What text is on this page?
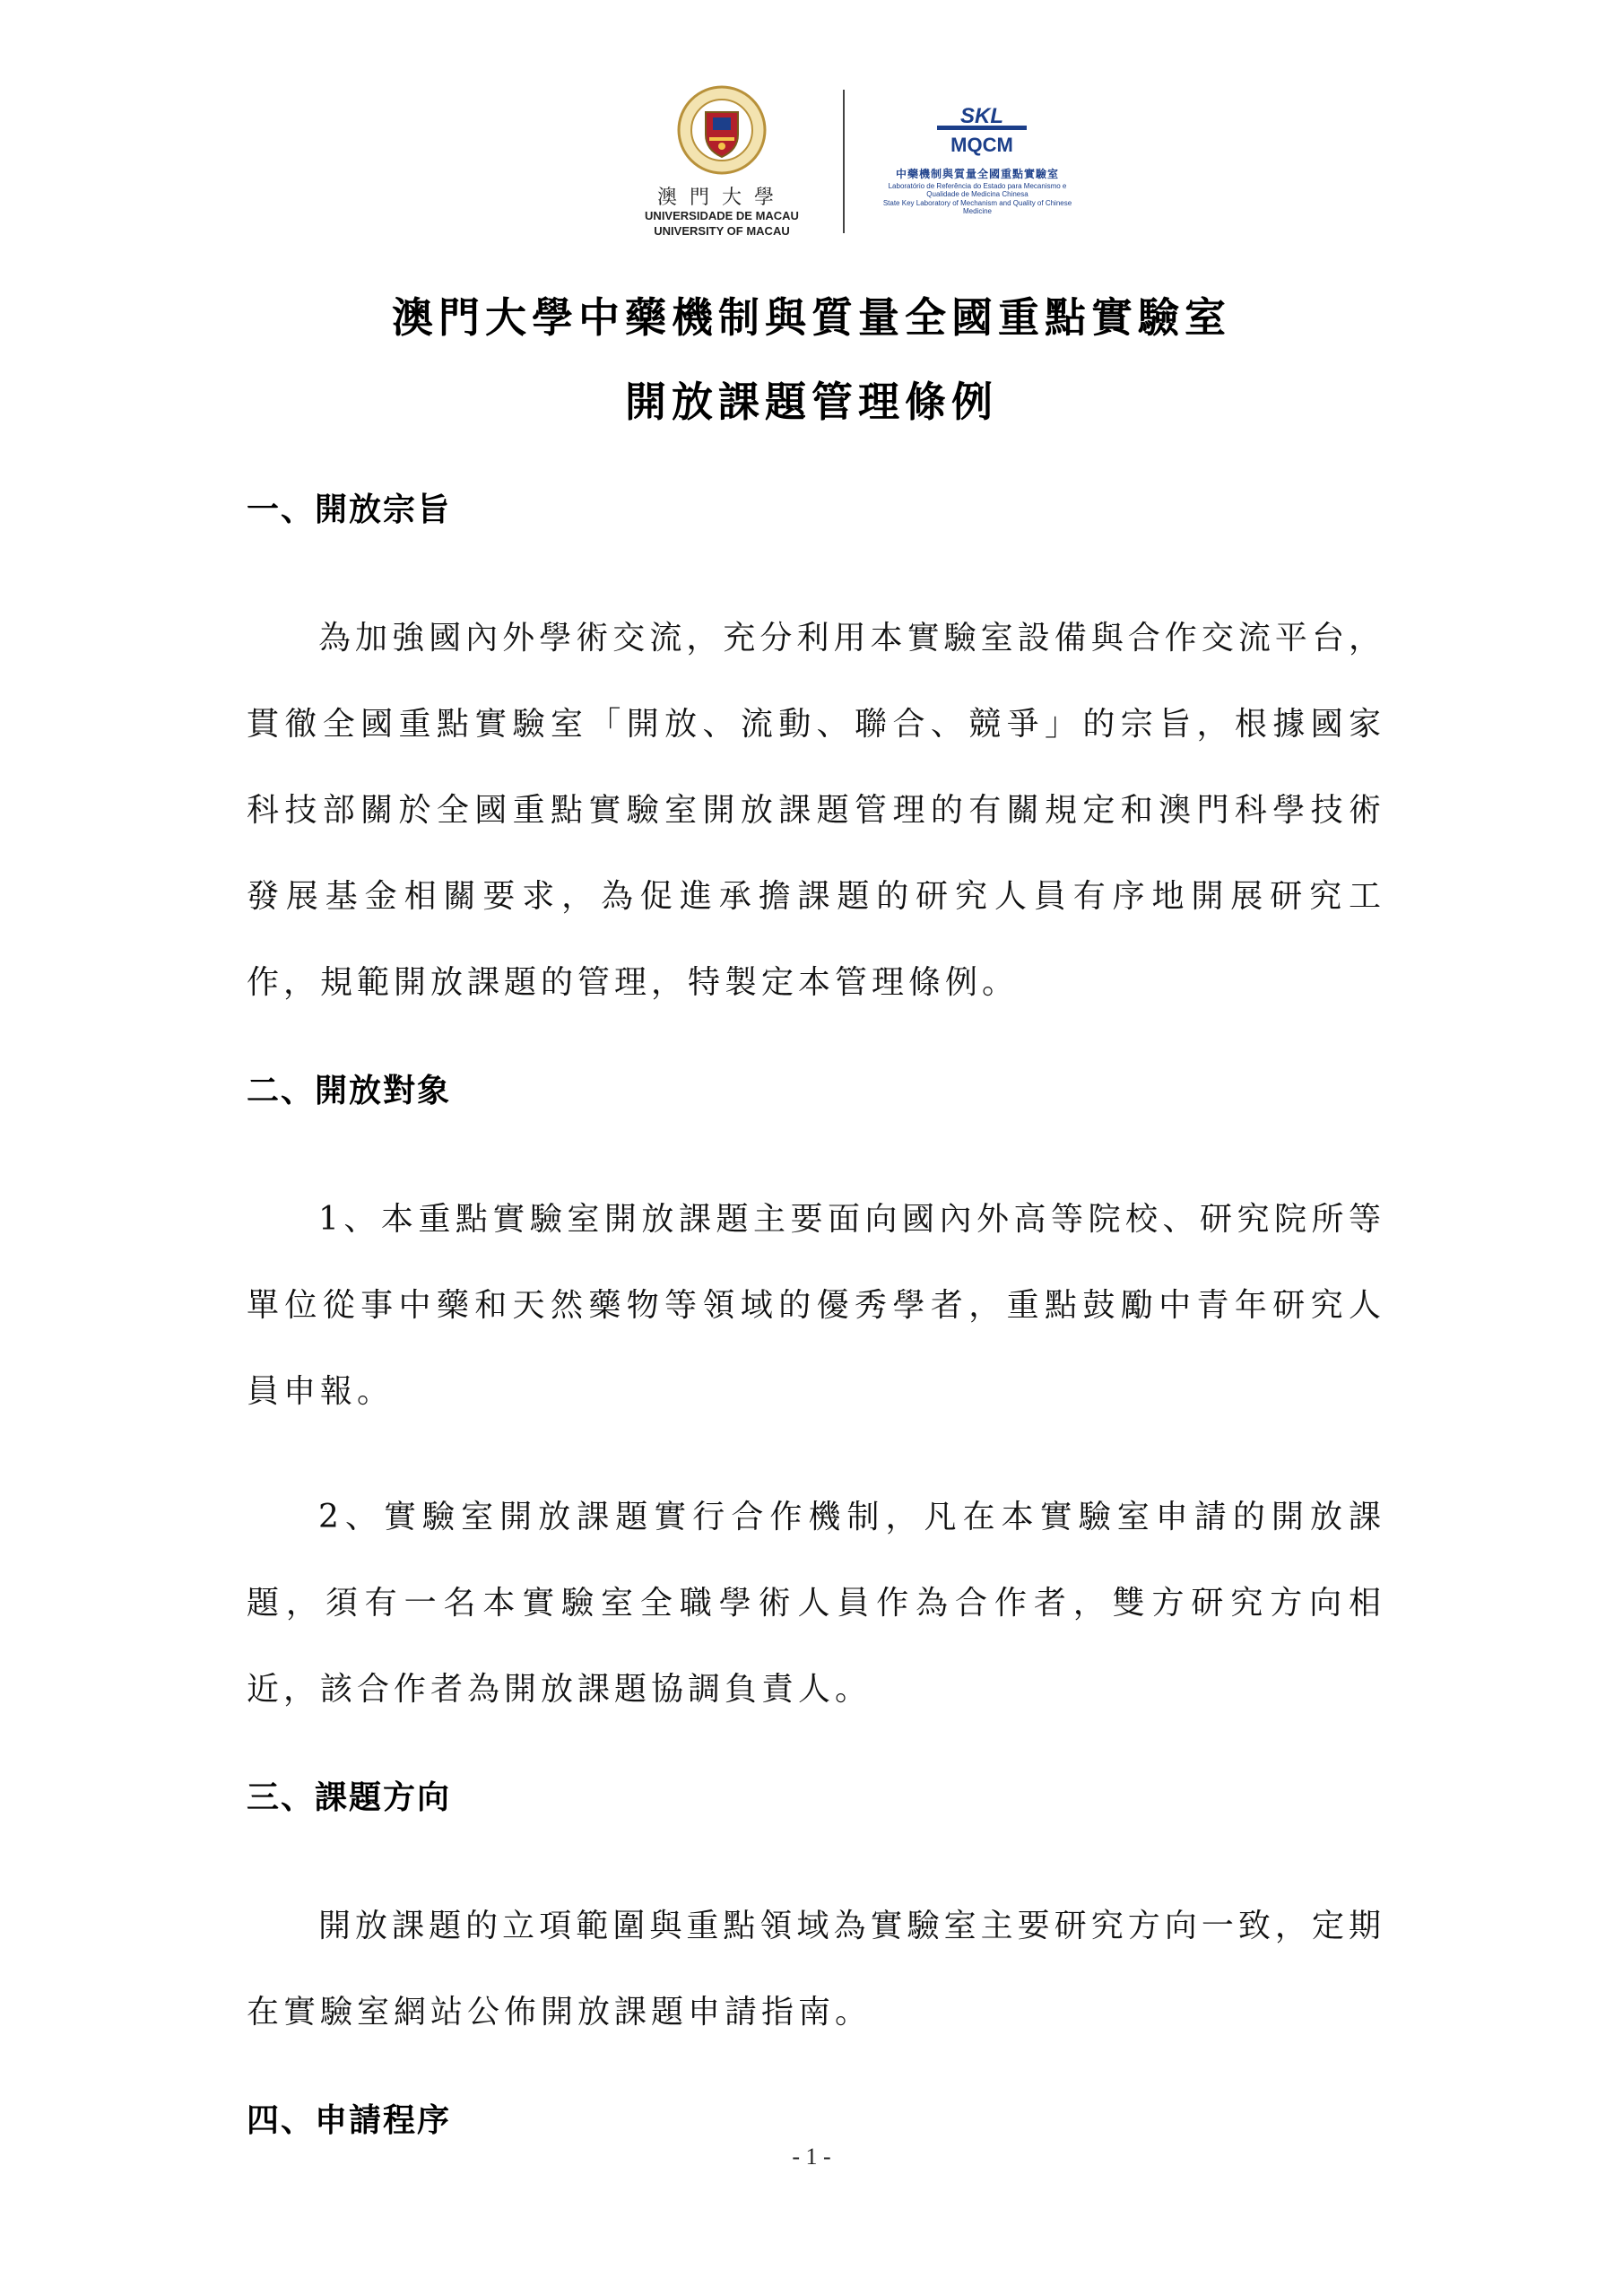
澳門大學
UNIVERSIDADE DE MACAU
UNIVERSITY OF MACAU
SKL
MQCM
中藥機制與質量全國重點實驗室
Laboratório de Referência do Estado para Mecanismo e Qualidade de Medicina Chinesa
State Key Laboratory of Mechanism and Quality of Chinese Medicine
澳門大學中藥機制與質量全國重點實驗室
開放課題管理條例
一、開放宗旨
為加強國內外學術交流，充分利用本實驗室設備與合作交流平台，貫徹全國重點實驗室「開放、流動、聯合、競爭」的宗旨，根據國家科技部關於全國重點實驗室開放課題管理的有關規定和澳門科學技術發展基金相關要求，為促進承擔課題的研究人員有序地開展研究工作，規範開放課題的管理，特製定本管理條例。
二、開放對象
1、本重點實驗室開放課題主要面向國內外高等院校、研究院所等單位從事中藥和天然藥物等領域的優秀學者，重點鼓勵中青年研究人員申報。
2、實驗室開放課題實行合作機制，凡在本實驗室申請的開放課題，須有一名本實驗室全職學術人員作為合作者，雙方研究方向相近，該合作者為開放課題協調負責人。
三、課題方向
開放課題的立項範圍與重點領域為實驗室主要研究方向一致，定期在實驗室網站公佈開放課題申請指南。
四、申請程序
- 1 -
